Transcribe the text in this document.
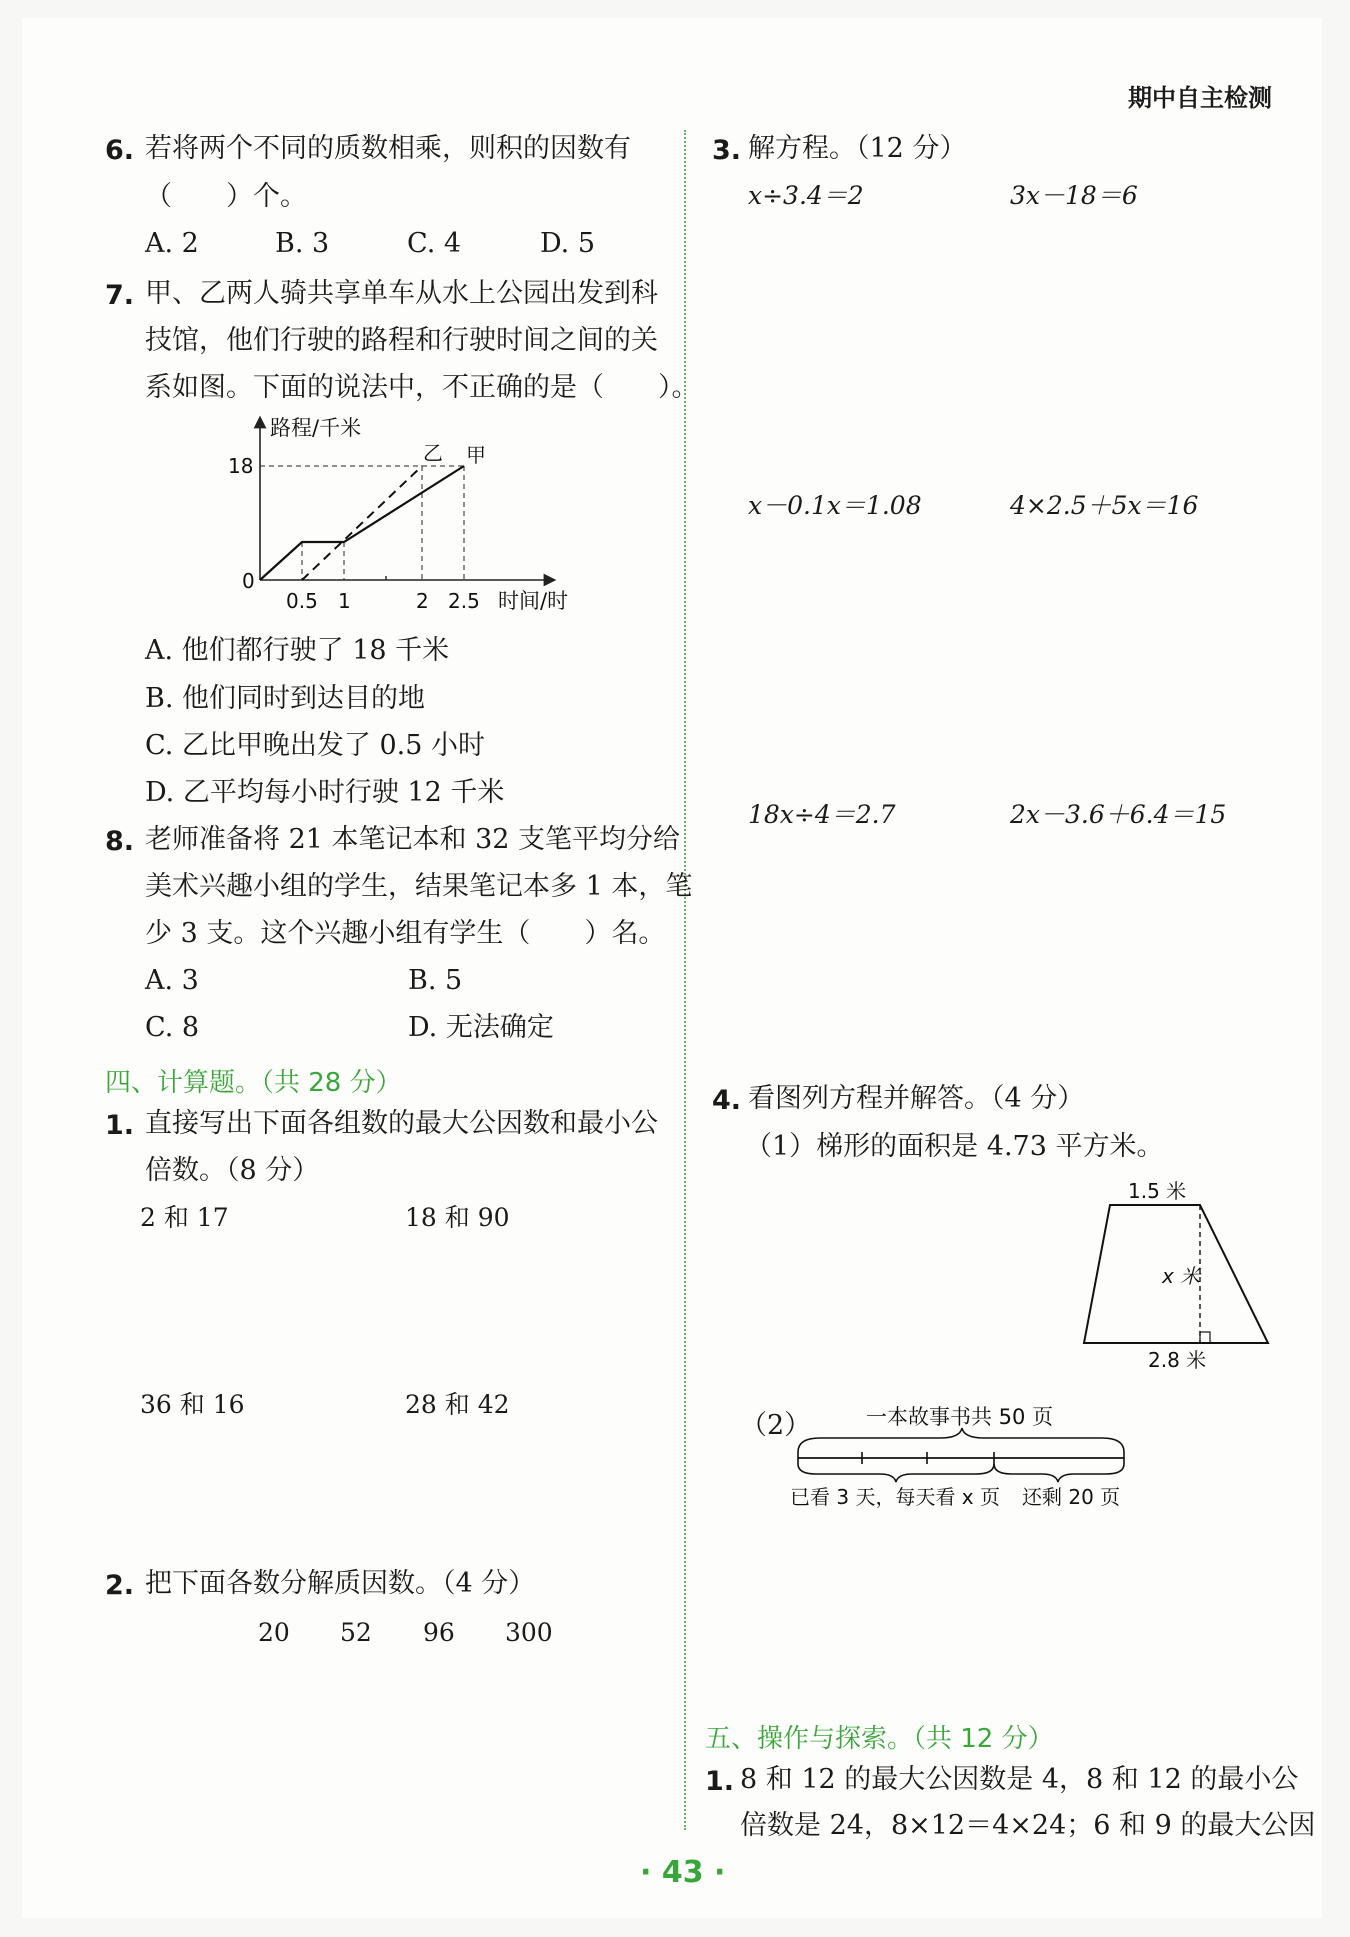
期中自主检测
6. 若将两个不同的质数相乘，则积的因数有
（　　）个。
A. 2	B. 3	C. 4	D. 5
7. 甲、乙两人骑共享单车从水上公园出发到科
技馆，他们行驶的路程和行驶时间之间的关
系如图。下面的说法中，不正确的是（　　）。
路程/千米
18
0
0.5 1	2 2.5 时间/时
乙 甲
A. 他们都行驶了 18 千米
B. 他们同时到达目的地
C. 乙比甲晚出发了 0.5 小时
D. 乙平均每小时行驶 12 千米
8. 老师准备将 21 本笔记本和 32 支笔平均分给
美术兴趣小组的学生，结果笔记本多 1 本，笔
少 3 支。这个兴趣小组有学生（　　）名。
A. 3	B. 5
C. 8	D. 无法确定
四、计算题。（共 28 分）
1. 直接写出下面各组数的最大公因数和最小公
倍数。（8 分）
2 和 17	18 和 90
36 和 16	28 和 42
2. 把下面各数分解质因数。（4 分）
20 52 96 300
3. 解方程。（12 分）
x÷3.4＝2	3x－18＝6
x－0.1x＝1.08	4×2.5＋5x＝16
18x÷4＝2.7	2x－3.6＋6.4＝15
4. 看图列方程并解答。（4 分）
（1）梯形的面积是 4.73 平方米。
1.5 米
x 米
2.8 米
（2）	一本故事书共 50 页
已看 3 天，每天看 x 页 还剩 20 页
五、操作与探索。（共 12 分）
1. 8 和 12 的最大公因数是 4，8 和 12 的最小公
倍数是 24，8×12＝4×24；6 和 9 的最大公因
· 43 ·
